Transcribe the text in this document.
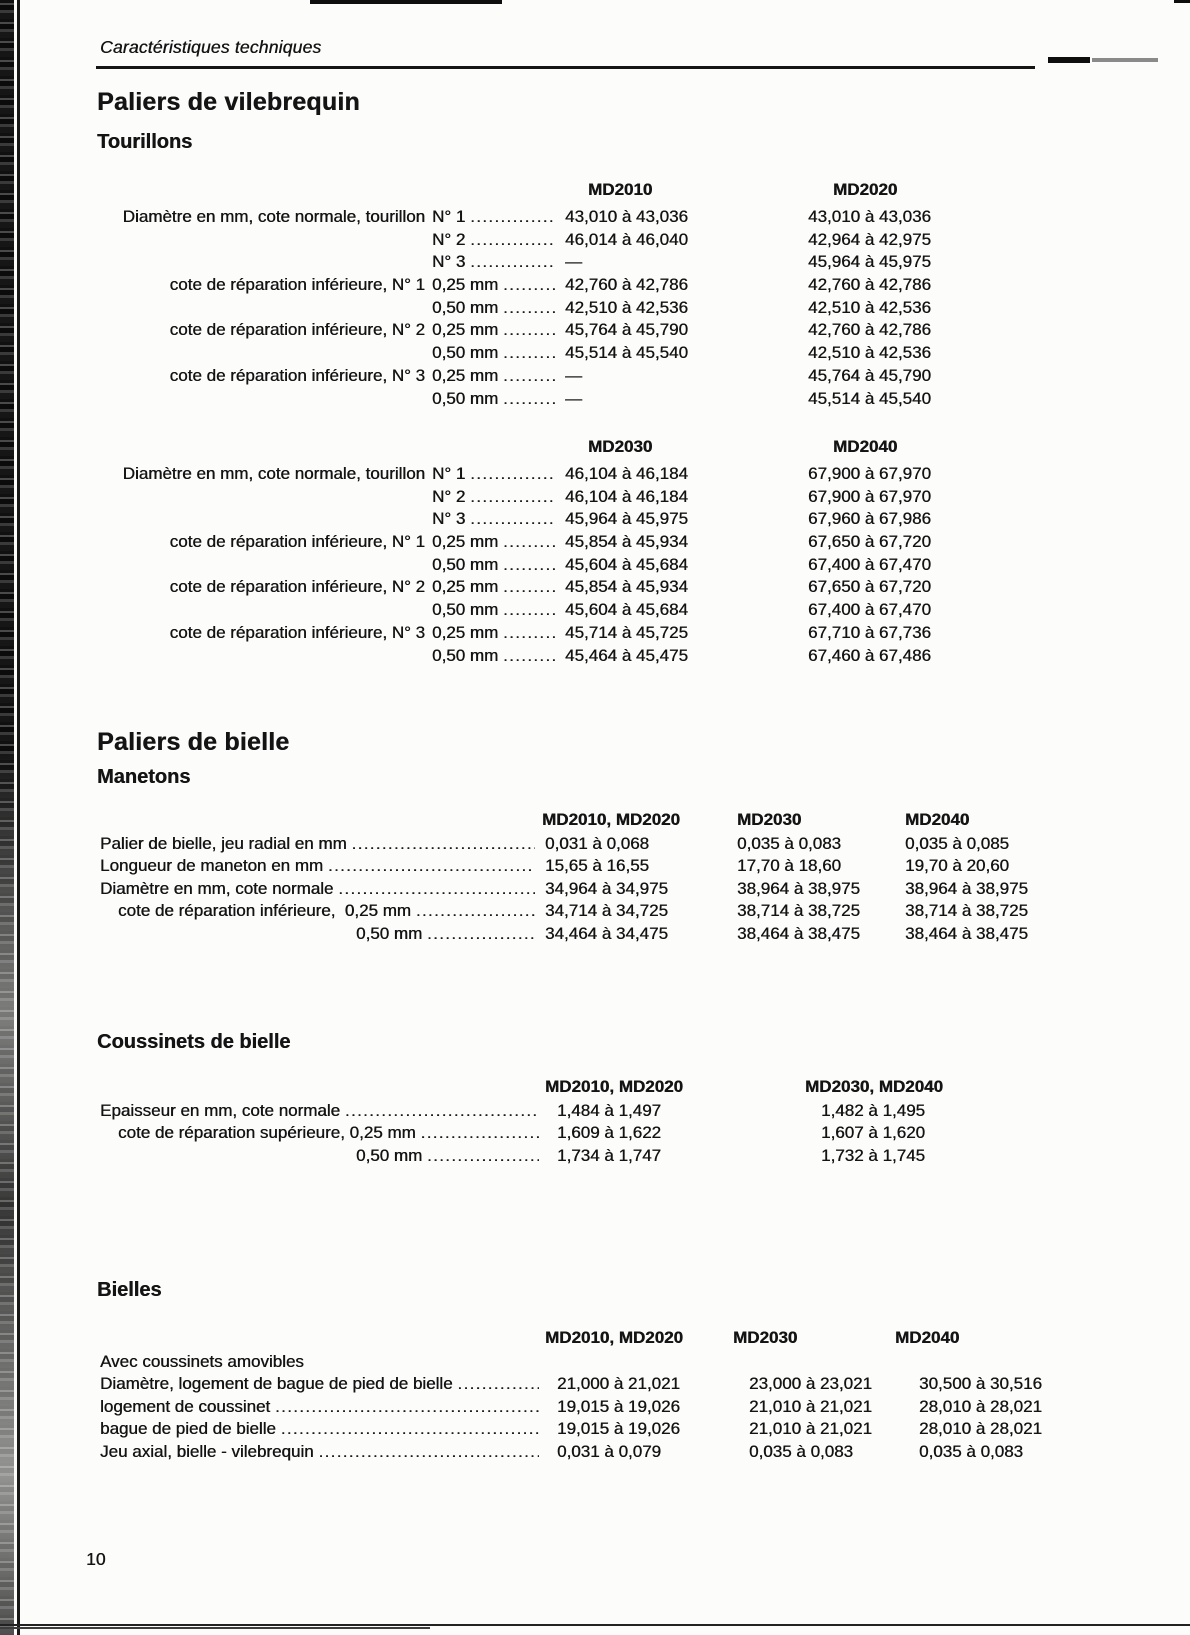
Caractéristiques techniques
Paliers de vilebrequin
Tourillons
MD2010	MD2020
Diamètre en mm, cote normale, tourillon N° 1 .....	43,010 à 43,036	43,010 à 43,036
N° 2 .....	46,014 à 46,040	42,964 à 42,975
N° 3 .....	—	45,964 à 45,975
cote de réparation inférieure, N° 1 0,25 mm .....	42,760 à 42,786	42,760 à 42,786
0,50 mm .....	42,510 à 42,536	42,510 à 42,536
cote de réparation inférieure, N° 2 0,25 mm .....	45,764 à 45,790	42,760 à 42,786
0,50 mm .....	45,514 à 45,540	42,510 à 42,536
cote de réparation inférieure, N° 3 0,25 mm .....	—	45,764 à 45,790
0,50 mm .....	—	45,514 à 45,540
MD2030	MD2040
Diamètre en mm, cote normale, tourillon N° 1 .....	46,104 à 46,184	67,900 à 67,970
N° 2 .....	46,104 à 46,184	67,900 à 67,970
N° 3 .....	45,964 à 45,975	67,960 à 67,986
cote de réparation inférieure, N° 1 0,25 mm .....	45,854 à 45,934	67,650 à 67,720
0,50 mm .....	45,604 à 45,684	67,400 à 67,470
cote de réparation inférieure, N° 2 0,25 mm .....	45,854 à 45,934	67,650 à 67,720
0,50 mm .....	45,604 à 45,684	67,400 à 67,470
cote de réparation inférieure, N° 3 0,25 mm .....	45,714 à 45,725	67,710 à 67,736
0,50 mm .....	45,464 à 45,475	67,460 à 67,486
Paliers de bielle
Manetons
MD2010, MD2020	MD2030	MD2040
Palier de bielle, jeu radial en mm .....	0,031 à 0,068	0,035 à 0,083	0,035 à 0,085
Longueur de maneton en mm .....	15,65 à 16,55	17,70 à 18,60	19,70 à 20,60
Diamètre en mm, cote normale .....	34,964 à 34,975	38,964 à 38,975	38,964 à 38,975
cote de réparation inférieure,  0,25 mm .....	34,714 à 34,725	38,714 à 38,725	38,714 à 38,725
0,50 mm .....	34,464 à 34,475	38,464 à 38,475	38,464 à 38,475
Coussinets de bielle
MD2010, MD2020	MD2030, MD2040
Epaisseur en mm, cote normale .....	1,484 à 1,497	1,482 à 1,495
cote de réparation supérieure, 0,25 mm .....	1,609 à 1,622	1,607 à 1,620
0,50 mm .....	1,734 à 1,747	1,732 à 1,745
Bielles
MD2010, MD2020	MD2030	MD2040
Avec coussinets amovibles
Diamètre, logement de bague de pied de bielle .....	21,000 à 21,021	23,000 à 23,021	30,500 à 30,516
logement de coussinet .....	19,015 à 19,026	21,010 à 21,021	28,010 à 28,021
bague de pied de bielle .....	19,015 à 19,026	21,010 à 21,021	28,010 à 28,021
Jeu axial, bielle - vilebrequin .....	0,031 à 0,079	0,035 à 0,083	0,035 à 0,083
10
